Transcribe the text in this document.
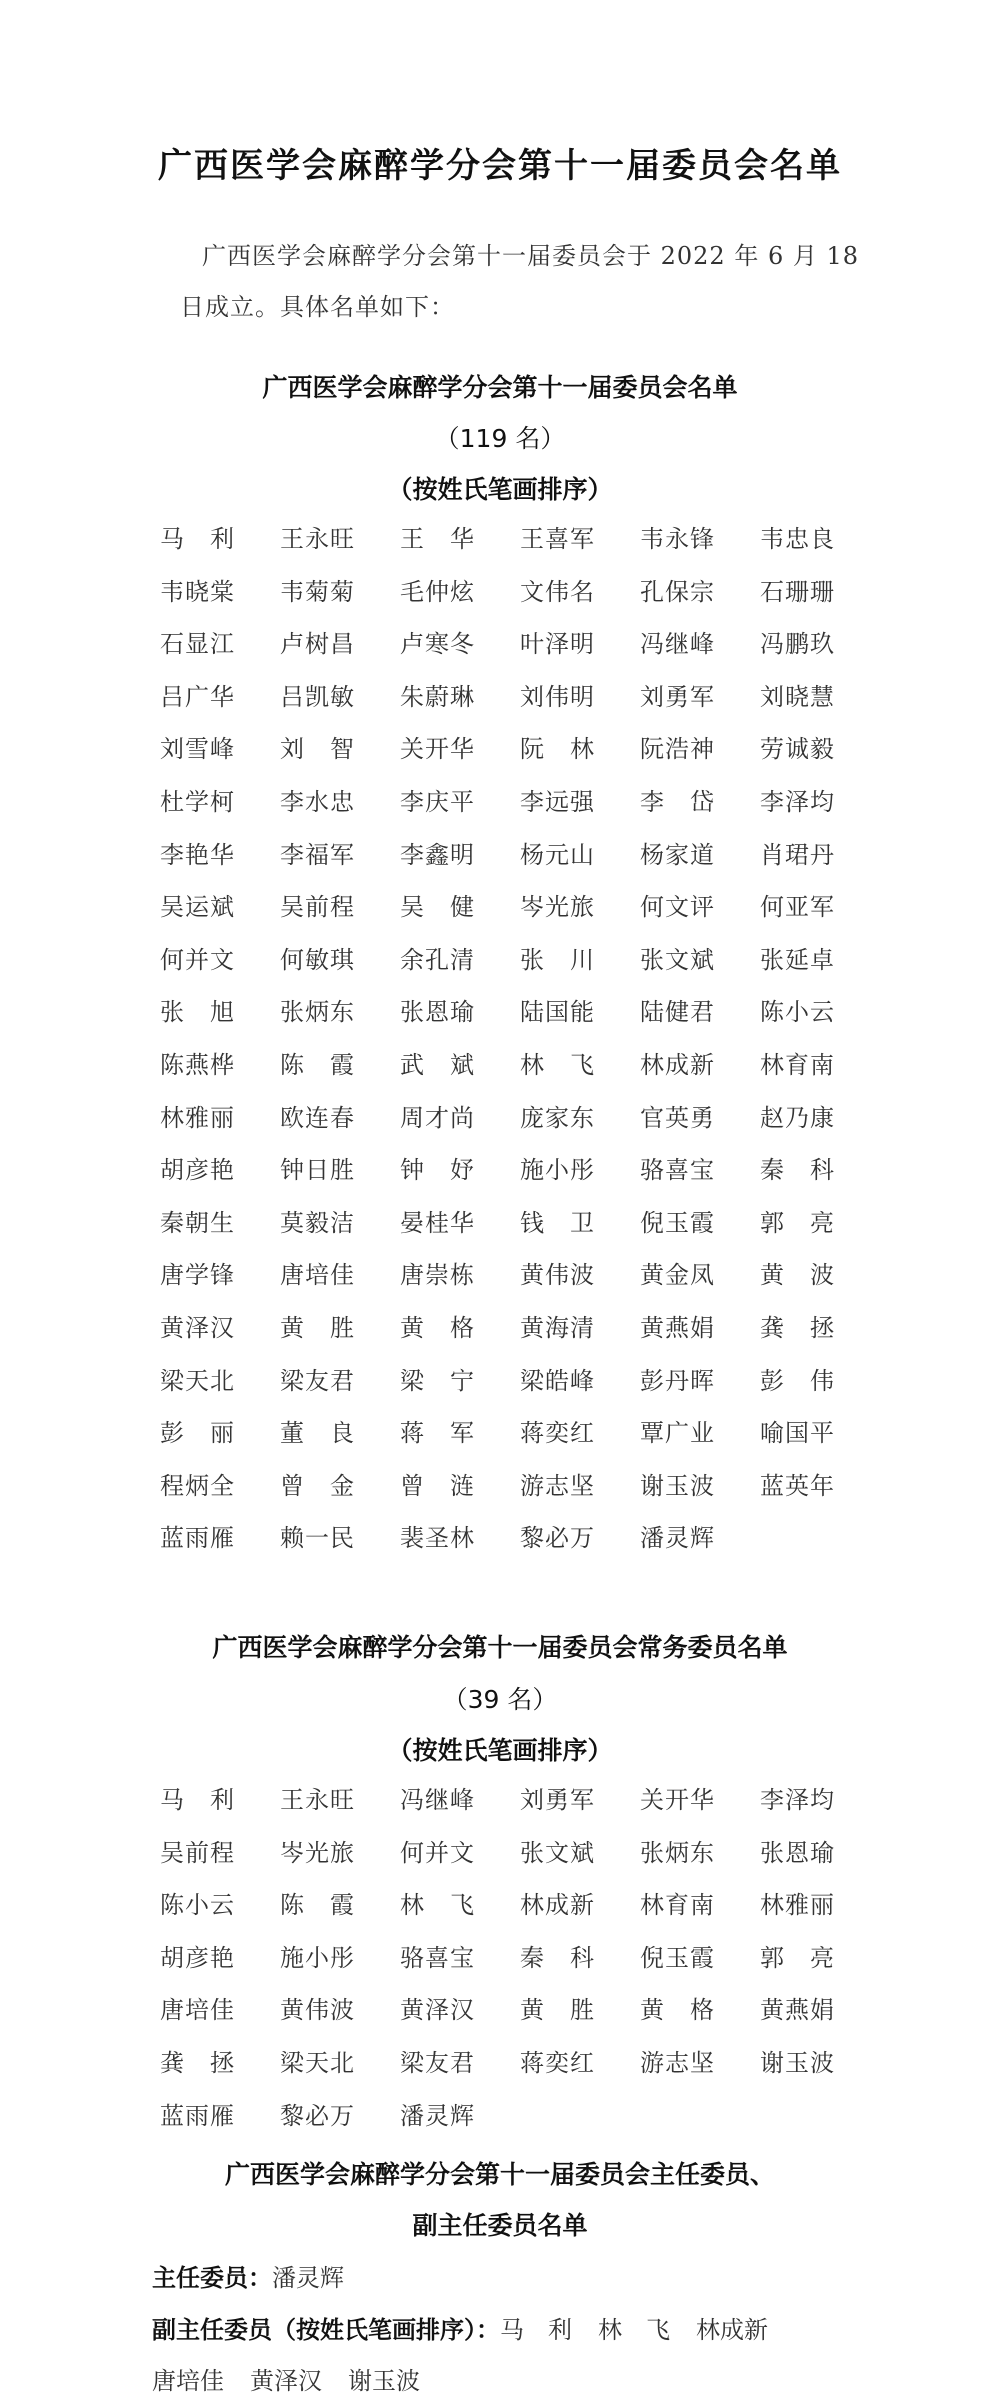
广西医学会麻醉学分会第十一届委员会名单
广西医学会麻醉学分会第十一届委员会于 2022 年 6 月 18
日成立。具体名单如下：
广西医学会麻醉学分会第十一届委员会名单
（119 名）
（按姓氏笔画排序）
马　利	王永旺	王　华	王喜军	韦永锋	韦忠良
韦晓棠	韦菊菊	毛仲炫	文伟名	孔保宗	石珊珊
石显江	卢树昌	卢寒冬	叶泽明	冯继峰	冯鹏玖
吕广华	吕凯敏	朱蔚琳	刘伟明	刘勇军	刘晓慧
刘雪峰	刘　智	关开华	阮　林	阮浩神	劳诚毅
杜学柯	李水忠	李庆平	李远强	李　岱	李泽均
李艳华	李福军	李鑫明	杨元山	杨家道	肖珺丹
吴运斌	吴前程	吴　健	岑光旅	何文评	何亚军
何并文	何敏琪	余孔清	张　川	张文斌	张延卓
张　旭	张炳东	张恩瑜	陆国能	陆健君	陈小云
陈燕桦	陈　霞	武　斌	林　飞	林成新	林育南
林雅丽	欧连春	周才尚	庞家东	官英勇	赵乃康
胡彦艳	钟日胜	钟　妤	施小彤	骆喜宝	秦　科
秦朝生	莫毅洁	晏桂华	钱　卫	倪玉霞	郭　亮
唐学锋	唐培佳	唐崇栋	黄伟波	黄金凤	黄　波
黄泽汉	黄　胜	黄　格	黄海清	黄燕娟	龚　拯
梁天北	梁友君	梁　宁	梁皓峰	彭丹晖	彭　伟
彭　丽	董　良	蒋　军	蒋奕红	覃广业	喻国平
程炳全	曾　金	曾　涟	游志坚	谢玉波	蓝英年
蓝雨雁	赖一民	裴圣林	黎必万	潘灵辉
广西医学会麻醉学分会第十一届委员会常务委员名单
（39 名）
（按姓氏笔画排序）
马　利	王永旺	冯继峰	刘勇军	关开华	李泽均
吴前程	岑光旅	何并文	张文斌	张炳东	张恩瑜
陈小云	陈　霞	林　飞	林成新	林育南	林雅丽
胡彦艳	施小彤	骆喜宝	秦　科	倪玉霞	郭　亮
唐培佳	黄伟波	黄泽汉	黄　胜	黄　格	黄燕娟
龚　拯	梁天北	梁友君	蒋奕红	游志坚	谢玉波
蓝雨雁	黎必万	潘灵辉
广西医学会麻醉学分会第十一届委员会主任委员、
副主任委员名单
主任委员：潘灵辉
副主任委员（按姓氏笔画排序）：马　利 林　飞 林成新
唐培佳 黄泽汉 谢玉波
